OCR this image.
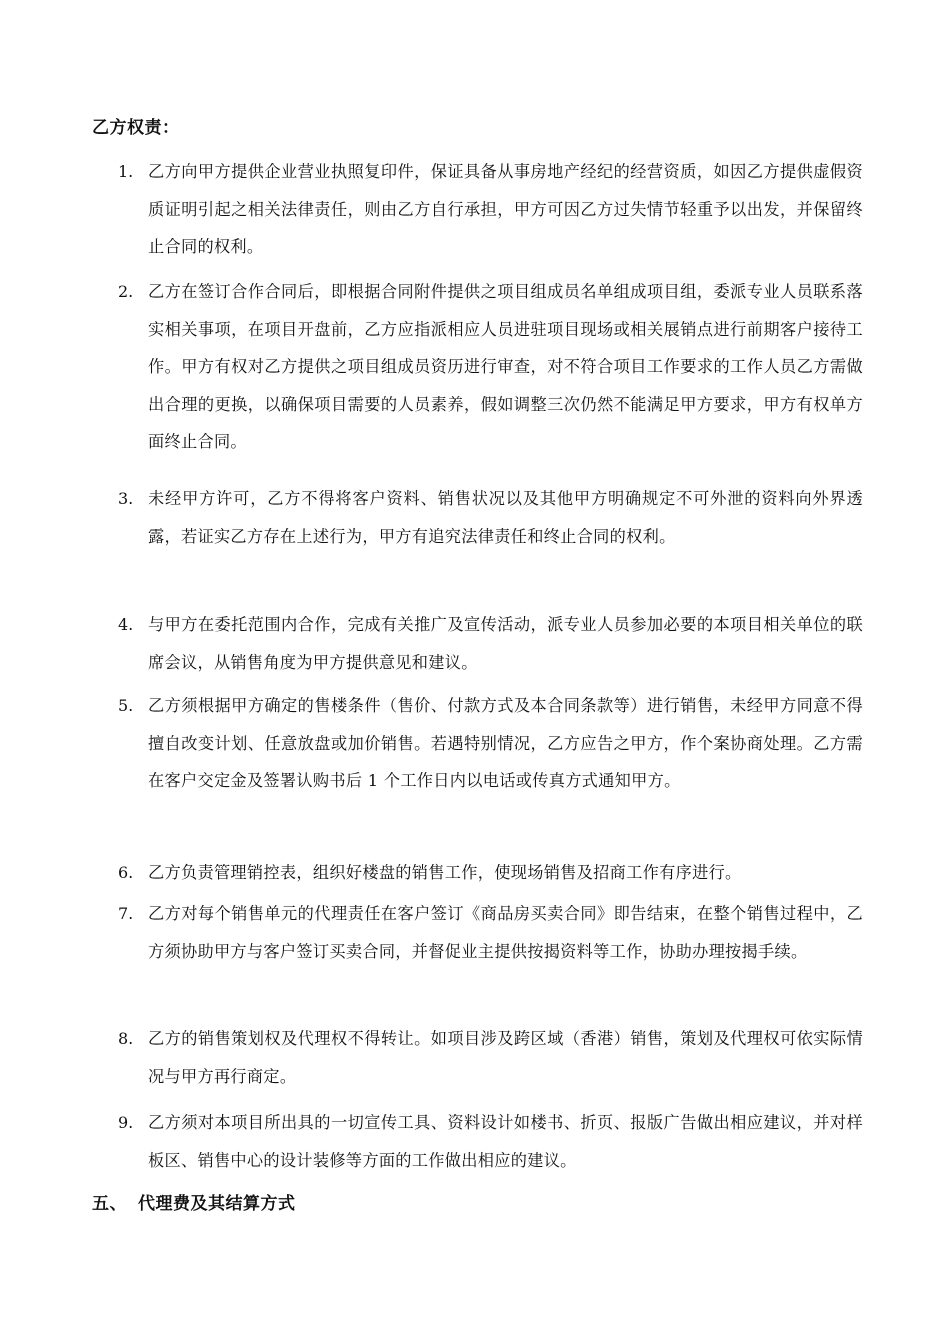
乙方权责：
1. 乙方向甲方提供企业营业执照复印件，保证具备从事房地产经纪的经营资质，如因乙方提供虚假资质证明引起之相关法律责任，则由乙方自行承担，甲方可因乙方过失情节轻重予以出发，并保留终止合同的权利。
2. 乙方在签订合作合同后，即根据合同附件提供之项目组成员名单组成项目组，委派专业人员联系落实相关事项，在项目开盘前，乙方应指派相应人员进驻项目现场或相关展销点进行前期客户接待工作。甲方有权对乙方提供之项目组成员资历进行审查，对不符合项目工作要求的工作人员乙方需做出合理的更换，以确保项目需要的人员素养，假如调整三次仍然不能满足甲方要求，甲方有权单方面终止合同。
3. 未经甲方许可，乙方不得将客户资料、销售状况以及其他甲方明确规定不可外泄的资料向外界透露，若证实乙方存在上述行为，甲方有追究法律责任和终止合同的权利。
4. 与甲方在委托范围内合作，完成有关推广及宣传活动，派专业人员参加必要的本项目相关单位的联席会议，从销售角度为甲方提供意见和建议。
5. 乙方须根据甲方确定的售楼条件（售价、付款方式及本合同条款等）进行销售，未经甲方同意不得擅自改变计划、任意放盘或加价销售。若遇特别情况，乙方应告之甲方，作个案协商处理。乙方需在客户交定金及签署认购书后 1 个工作日内以电话或传真方式通知甲方。
6. 乙方负责管理销控表，组织好楼盘的销售工作，使现场销售及招商工作有序进行。
7. 乙方对每个销售单元的代理责任在客户签订《商品房买卖合同》即告结束，在整个销售过程中，乙方须协助甲方与客户签订买卖合同，并督促业主提供按揭资料等工作，协助办理按揭手续。
8. 乙方的销售策划权及代理权不得转让。如项目涉及跨区域（香港）销售，策划及代理权可依实际情况与甲方再行商定。
9. 乙方须对本项目所出具的一切宣传工具、资料设计如楼书、折页、报版广告做出相应建议，并对样板区、销售中心的设计装修等方面的工作做出相应的建议。
五、 代理费及其结算方式
